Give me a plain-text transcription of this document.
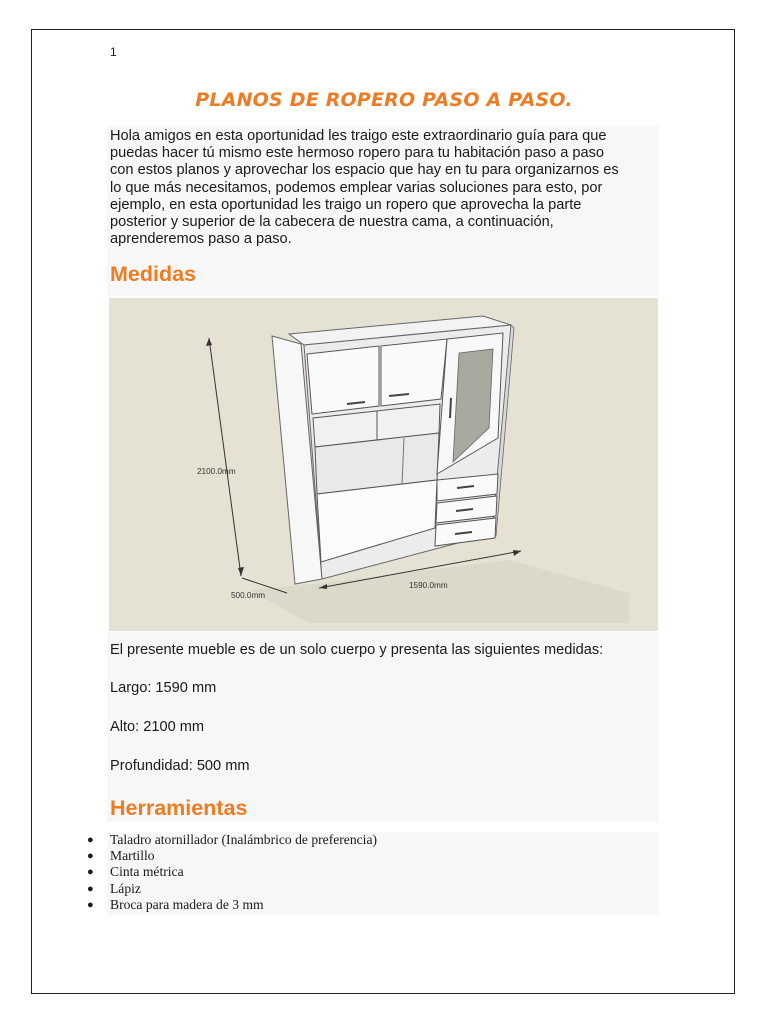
1
PLANOS DE ROPERO PASO A PASO.
Hola amigos en esta oportunidad les traigo este extraordinario guía para que
puedas hacer tú mismo este hermoso ropero para tu habitación paso a paso
con estos planos y aprovechar los espacio que hay en tu para organizarnos es
lo que más necesitamos, podemos emplear varias soluciones para esto, por
ejemplo, en esta oportunidad les traigo un ropero que aprovecha la parte
posterior y superior de la cabecera de nuestra cama, a continuación,
aprenderemos paso a paso.
Medidas
2100.0mm
500.0mm
1590.0mm
El presente mueble es de un solo cuerpo y presenta las siguientes medidas:
Largo: 1590 mm
Alto: 2100 mm
Profundidad: 500 mm
Herramientas
● Taladro atornillador (Inalámbrico de preferencia)
● Martillo
● Cinta métrica
● Lápiz
● Broca para madera de 3 mm
